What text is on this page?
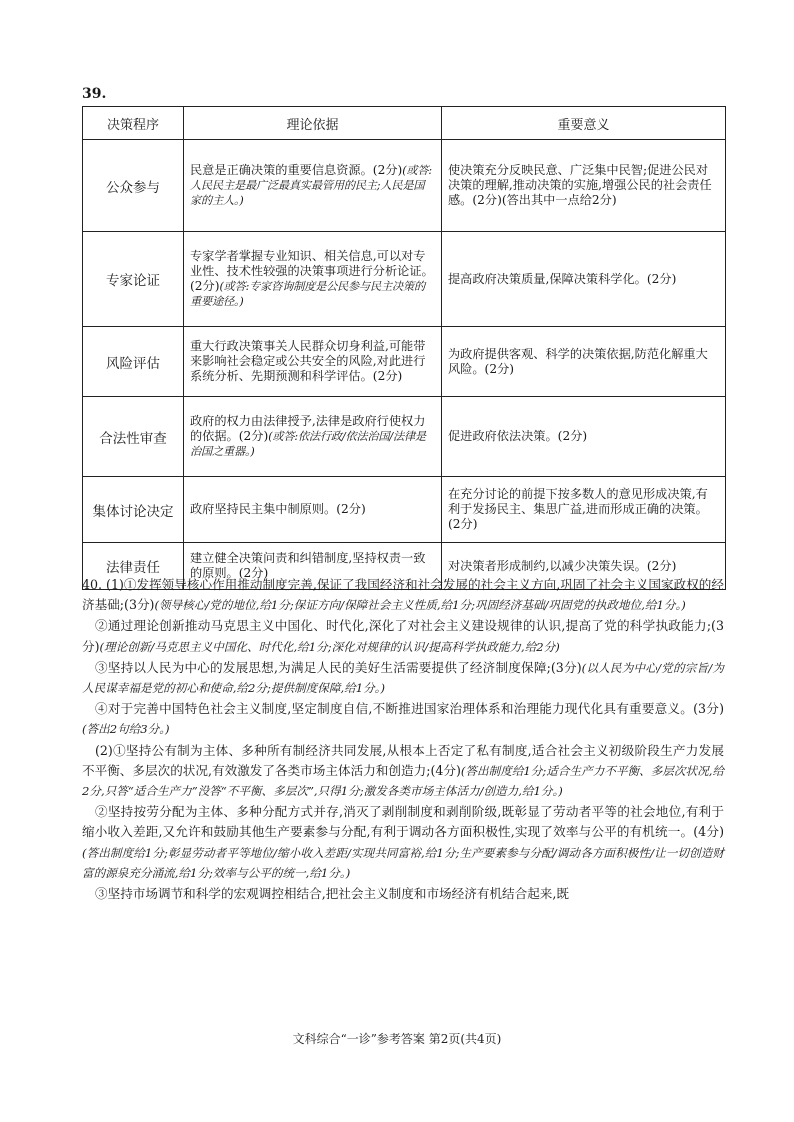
39.
决策程序	理论依据	重要意义
公众参与	民意是正确决策的重要信息资源。(2分)(或答:人民民主是最广泛最真实最管用的民主;人民是国家的主人。)	使决策充分反映民意、广泛集中民智;促进公民对决策的理解,推动决策的实施,增强公民的社会责任感。(2分)(答出其中一点给2分)
专家论证	专家学者掌握专业知识、相关信息,可以对专业性、技术性较强的决策事项进行分析论证。(2分)(或答:专家咨询制度是公民参与民主决策的重要途径。)	提高政府决策质量,保障决策科学化。(2分)
风险评估	重大行政决策事关人民群众切身利益,可能带来影响社会稳定或公共安全的风险,对此进行系统分析、先期预测和科学评估。(2分)	为政府提供客观、科学的决策依据,防范化解重大风险。(2分)
合法性审查	政府的权力由法律授予,法律是政府行使权力的依据。(2分)(或答:依法行政/依法治国/法律是治国之重器。)	促进政府依法决策。(2分)
集体讨论决定	政府坚持民主集中制原则。(2分)	在充分讨论的前提下按多数人的意见形成决策,有利于发扬民主、集思广益,进而形成正确的决策。(2分)
法律责任	建立健全决策问责和纠错制度,坚持权责一致的原则。(2分)	对决策者形成制约,以减少决策失误。(2分)

40. (1)①发挥领导核心作用推动制度完善,保证了我国经济和社会发展的社会主义方向,巩固了社会主义国家政权的经济基础;(3分)(领导核心/党的地位,给1分;保证方向/保障社会主义性质,给1分;巩固经济基础/巩固党的执政地位,给1分。)

②通过理论创新推动马克思主义中国化、时代化,深化了对社会主义建设规律的认识,提高了党的科学执政能力;(3分)(理论创新/马克思主义中国化、时代化,给1分;深化对规律的认识/提高科学执政能力,给2分)

③坚持以人民为中心的发展思想,为满足人民的美好生活需要提供了经济制度保障;(3分)(以人民为中心/党的宗旨/为人民谋幸福是党的初心和使命,给2分;提供制度保障,给1分。)

④对于完善中国特色社会主义制度,坚定制度自信,不断推进国家治理体系和治理能力现代化具有重要意义。(3分)(答出2句给3分。)

(2)①坚持公有制为主体、多种所有制经济共同发展,从根本上否定了私有制度,适合社会主义初级阶段生产力发展不平衡、多层次的状况,有效激发了各类市场主体活力和创造力;(4分)(答出制度给1分;适合生产力不平衡、多层次状况,给2分,只答“适合生产力”没答“不平衡、多层次”,只得1分;激发各类市场主体活力/创造力,给1分。)

②坚持按劳分配为主体、多种分配方式并存,消灭了剥削制度和剥削阶级,既彰显了劳动者平等的社会地位,有利于缩小收入差距,又允许和鼓励其他生产要素参与分配,有利于调动各方面积极性,实现了效率与公平的有机统一。(4分)(答出制度给1分;彰显劳动者平等地位/缩小收入差距/实现共同富裕,给1分;生产要素参与分配/调动各方面积极性/让一切创造财富的源泉充分涌流,给1分;效率与公平的统一,给1分。)

③坚持市场调节和科学的宏观调控相结合,把社会主义制度和市场经济有机结合起来,既

文科综合“一诊”参考答案 第2页(共4页)
